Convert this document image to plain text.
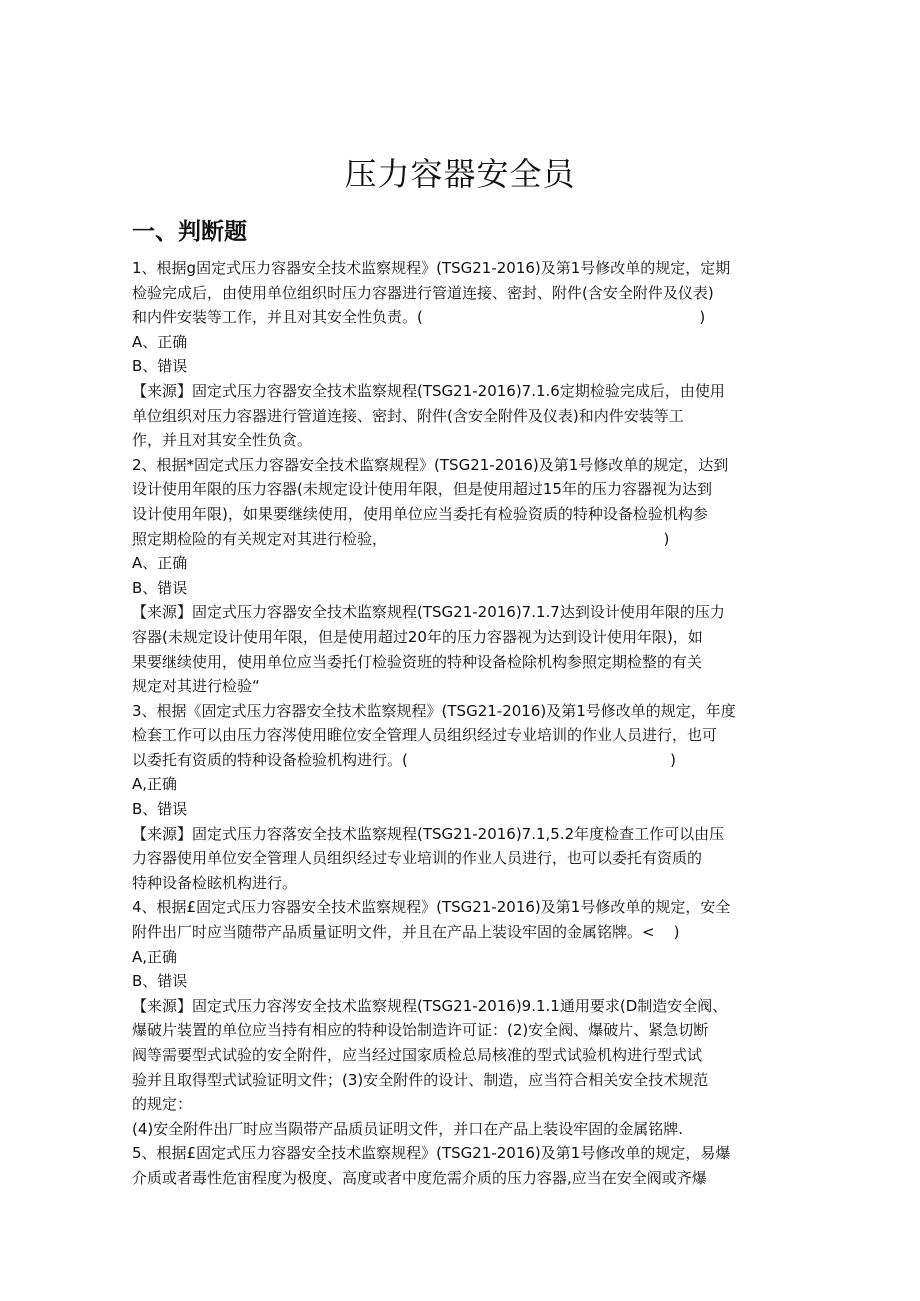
压力容器安全员
一、判断题
1、根据g固定式压力容器安全技术监察规程》(TSG21-2016)及第1号修改单的规定，定期
检验完成后，由使用单位组织时压力容器进行管道连接、密封、附件(含安全附件及仪表)
和内件安装等工作，并且对其安全性负责。(                                                          )
A、正确
B、错误
【来源】固定式压力容器安全技术监察规程(TSG21-2016)7.1.6定期检验完成后，由使用
单位组织对压力容器进行管道连接、密封、附件(含安全附件及仪表)和内件安装等工
作，并且对其安全性负贪。
2、根据*固定式压力容器安全技术监察规程》(TSG21-2016)及第1号修改单的规定，达到
设计使用年限的压力容器(未规定设计使用年限，但是使用超过15年的压力容器视为达到
设计使用年限)，如果要继续使用，使用单位应当委托有检验资质的特种设备检验机构参
照定期检险的有关规定对其进行检验，                                                          )
A、正确
B、错误
【来源】固定式压力容器安全技术监察规程(TSG21-2016)7.1.7达到设计使用年限的压力
容器(未规定设计使用年限，但是使用超过20年的压力容器视为达到设计使用年限)，如
果要继续使用，使用单位应当委托仃检验资班的特种设备检除机构参照定期检整的有关
规定对其进行检验“
3、根据《固定式压力容器安全技术监察规程》(TSG21-2016)及第1号修改单的规定，年度
检套工作可以由压力容涔使用睢位安全管理人员组织经过专业培训的作业人员进行，也可
以委托有资质的特种设备检验机构进行。(                                                       )
A,正确
B、错误
【来源】固定式压力容落安全技术监察规程(TSG21-2016)7.1,5.2年度检查工作可以由压
力容器使用单位安全管理人员组织经过专业培训的作业人员进行，也可以委托有资质的
特种设备检眩机构进行。
4、根据£固定式压力容器安全技术监察规程》(TSG21-2016)及第1号修改单的规定，安全
附件出厂时应当随带产品质量证明文件，并且在产品上装设牢固的金属铭牌。<    )
A,正确
B、错误
【来源】固定式压力容涔安全技术监察规程(TSG21-2016)9.1.1通用要求(D制造安全阀、
爆破片装置的单位应当持有相应的特种设饴制造许可证：(2)安全阀、爆破片、紧急切断
阀等需要型式试验的安全附件，应当经过国家质检总局核准的型式试验机构进行型式试
验并且取得型式试验证明文件；(3)安全附件的设计、制造，应当符合相关安全技术规范
的规定：
(4)安全附件出厂时应当陨带产品质员证明文件，并口在产品上装设牢固的金属铭牌.
5、根据£固定式压力容器安全技术监察规程》(TSG21-2016)及第1号修改单的规定，易爆
介质或者毒性危宙程度为极度、高度或者中度危需介质的压力容器,应当在安全阀或齐爆
